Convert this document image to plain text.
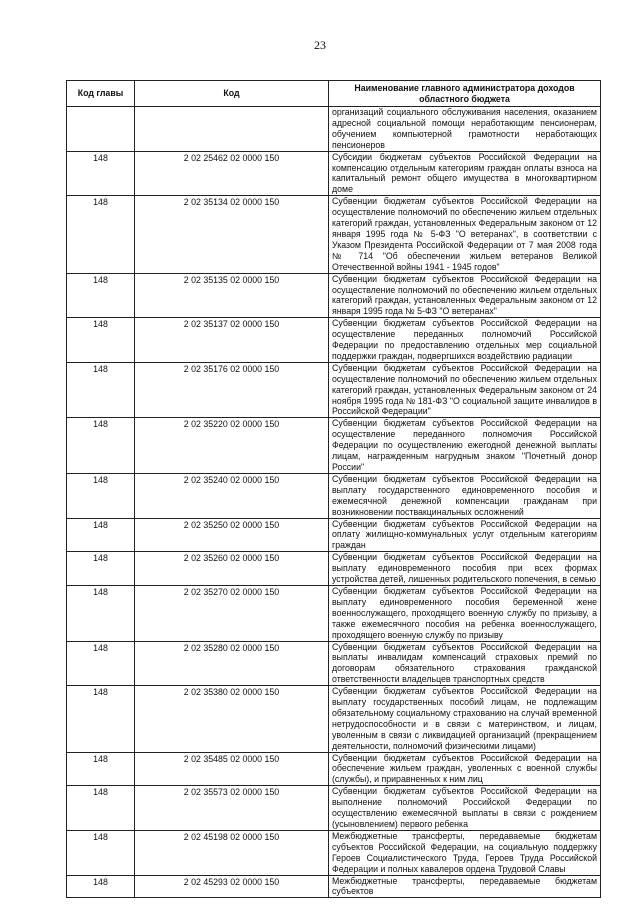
23
Код главы	Код	Наименование главного администратора доходов областного бюджета
		организаций социального обслуживания населения, оказанием адресной социальной помощи неработающим пенсионерам, обучением компьютерной грамотности неработающих пенсионеров
148	2 02 25462 02 0000 150	Субсидии бюджетам субъектов Российской Федерации на компенсацию отдельным категориям граждан оплаты взноса на капитальный ремонт общего имущества в многоквартирном доме
148	2 02 35134 02 0000 150	Субвенции бюджетам субъектов Российской Федерации на осуществление полномочий по обеспечению жильем отдельных категорий граждан, установленных Федеральным законом от 12 января 1995 года № 5-ФЗ "О ветеранах", в соответствии с Указом Президента Российской Федерации от 7 мая 2008 года № 714 "Об обеспечении жильем ветеранов Великой Отечественной войны 1941 - 1945 годов"
148	2 02 35135 02 0000 150	Субвенции бюджетам субъектов Российской Федерации на осуществление полномочий по обеспечению жильем отдельных категорий граждан, установленных Федеральным законом от 12 января 1995 года № 5-ФЗ "О ветеранах"
148	2 02 35137 02 0000 150	Субвенции бюджетам субъектов Российской Федерации на осуществление переданных полномочий Российской Федерации по предоставлению отдельных мер социальной поддержки граждан, подвергшихся воздействию радиации
148	2 02 35176 02 0000 150	Субвенции бюджетам субъектов Российской Федерации на осуществление полномочий по обеспечению жильем отдельных категорий граждан, установленных Федеральным законом от 24 ноября 1995 года № 181-ФЗ "О социальной защите инвалидов в Российской Федерации"
148	2 02 35220 02 0000 150	Субвенции бюджетам субъектов Российской Федерации на осуществление переданного полномочия Российской Федерации по осуществлению ежегодной денежной выплаты лицам, награжденным нагрудным знаком "Почетный донор России"
148	2 02 35240 02 0000 150	Субвенции бюджетам субъектов Российской Федерации на выплату государственного единовременного пособия и ежемесячной денежной компенсации гражданам при возникновении поствакцинальных осложнений
148	2 02 35250 02 0000 150	Субвенции бюджетам субъектов Российской Федерации на оплату жилищно-коммунальных услуг отдельным категориям граждан
148	2 02 35260 02 0000 150	Субвенции бюджетам субъектов Российской Федерации на выплату единовременного пособия при всех формах устройства детей, лишенных родительского попечения, в семью
148	2 02 35270 02 0000 150	Субвенции бюджетам субъектов Российской Федерации на выплату единовременного пособия беременной жене военнослужащего, проходящего военную службу по призыву, а также ежемесячного пособия на ребенка военнослужащего, проходящего военную службу по призыву
148	2 02 35280 02 0000 150	Субвенции бюджетам субъектов Российской Федерации на выплаты инвалидам компенсаций страховых премий по договорам обязательного страхования гражданской ответственности владельцев транспортных средств
148	2 02 35380 02 0000 150	Субвенции бюджетам субъектов Российской Федерации на выплату государственных пособий лицам, не подлежащим обязательному социальному страхованию на случай временной нетрудоспособности и в связи с материнством, и лицам, уволенным в связи с ликвидацией организаций (прекращением деятельности, полномочий физическими лицами)
148	2 02 35485 02 0000 150	Субвенции бюджетам субъектов Российской Федерации на обеспечение жильем граждан, уволенных с военной службы (службы), и приравненных к ним лиц
148	2 02 35573 02 0000 150	Субвенции бюджетам субъектов Российской Федерации на выполнение полномочий Российской Федерации по осуществлению ежемесячной выплаты в связи с рождением (усыновлением) первого ребенка
148	2 02 45198 02 0000 150	Межбюджетные трансферты, передаваемые бюджетам субъектов Российской Федерации, на социальную поддержку Героев Социалистического Труда, Героев Труда Российской Федерации и полных кавалеров ордена Трудовой Славы
148	2 02 45293 02 0000 150	Межбюджетные трансферты, передаваемые бюджетам субъектов
